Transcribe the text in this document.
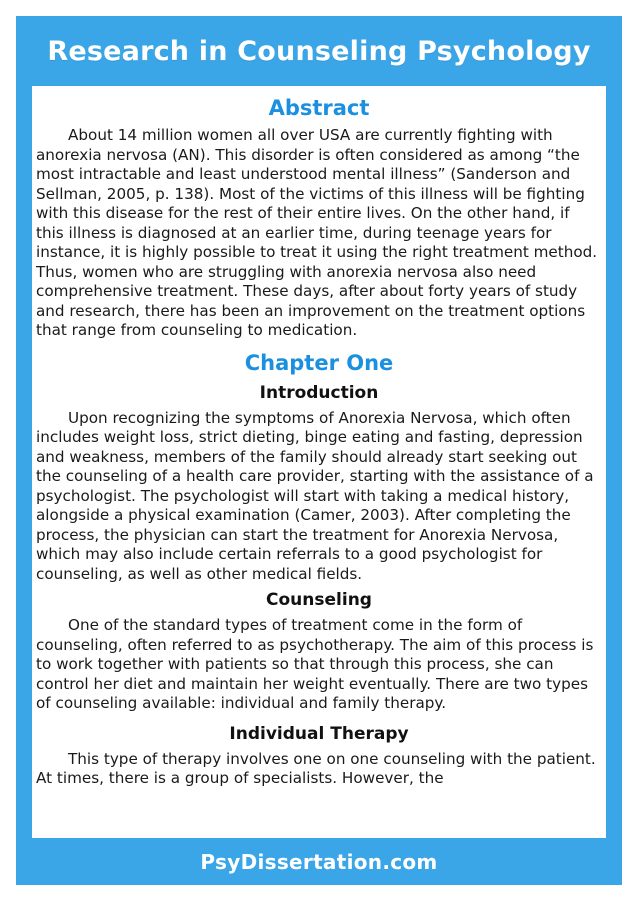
Research in Counseling Psychology
Abstract

About 14 million women all over USA are currently fighting with anorexia nervosa (AN). This disorder is often considered as among “the most intractable and least understood mental illness” (Sanderson and Sellman, 2005, p. 138). Most of the victims of this illness will be fighting with this disease for the rest of their entire lives. On the other hand, if this illness is diagnosed at an earlier time, during teenage years for instance, it is highly possible to treat it using the right treatment method. Thus, women who are struggling with anorexia nervosa also need comprehensive treatment. These days, after about forty years of study and research, there has been an improvement on the treatment options that range from counseling to medication.

Chapter One
Introduction

Upon recognizing the symptoms of Anorexia Nervosa, which often includes weight loss, strict dieting, binge eating and fasting, depression and weakness, members of the family should already start seeking out the counseling of a health care provider, starting with the assistance of a psychologist. The psychologist will start with taking a medical history, alongside a physical examination (Camer, 2003). After completing the process, the physician can start the treatment for Anorexia Nervosa, which may also include certain referrals to a good psychologist for counseling, as well as other medical fields.

Counseling

One of the standard types of treatment come in the form of counseling, often referred to as psychotherapy. The aim of this process is to work together with patients so that through this process, she can control her diet and maintain her weight eventually. There are two types of counseling available: individual and family therapy.

Individual Therapy

This type of therapy involves one on one counseling with the patient. At times, there is a group of specialists. However, the

PsyDissertation.com
